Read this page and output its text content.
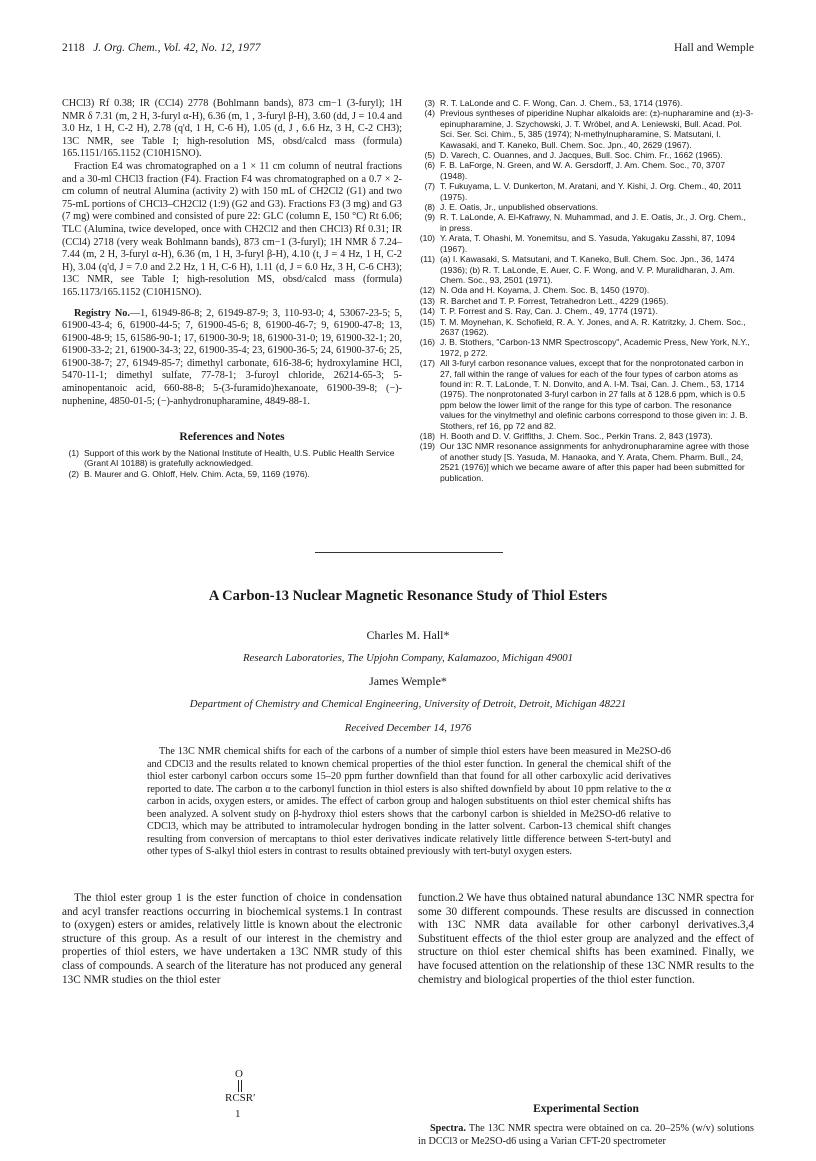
2118 J. Org. Chem., Vol. 42, No. 12, 1977	Hall and Wemple

CHCl3) Rf 0.38; IR (CCl4) 2778 (Bohlmann bands), 873 cm−1 (3-furyl); 1H NMR δ 7.31 (m, 2 H, 3-furyl α-H), 6.36 (m, 1 , 3-furyl β-H), 3.60 (dd, J = 10.4 and 3.0 Hz, 1 H, C-2 H), 2.78 (q'd, 1 H, C-6 H), 1.05 (d, J , 6.6 Hz, 3 H, C-2 CH3); 13C NMR, see Table I; high-resolution MS, obsd/calcd mass (formula) 165.1151/165.1152 (C10H15NO).

Fraction E4 was chromatographed on a 1 × 11 cm column of neutral fractions and a 30-ml CHCl3 fraction (F4). Fraction F4 was chromatographed on a 0.7 × 2-cm column of neutral Alumina (activity 2) with 150 mL of CH2Cl2 (G1) and two 75-mL portions of CHCl3–CH2Cl2 (1:9) (G2 and G3). Fractions F3 (3 mg) and G3 (7 mg) were combined and consisted of pure 22: GLC (column E, 150 °C) Rt 6.06; TLC (Alumina, twice developed, once with CH2Cl2 and then CHCl3) Rf 0.31; IR (CCl4) 2718 (very weak Bohlmann bands), 873 cm−1 (3-furyl); 1H NMR δ 7.24–7.44 (m, 2 H, 3-furyl α-H), 6.36 (m, 1 H, 3-furyl β-H), 4.10 (t, J = 4 Hz, 1 H, C-2 H), 3.04 (q'd, J = 7.0 and 2.2 Hz, 1 H, C-6 H), 1.11 (d, J = 6.0 Hz, 3 H, C-6 CH3); 13C NMR, see Table I; high-resolution MS, obsd/calcd mass (formula) 165.1173/165.1152 (C10H15NO).

Registry No.—1, 61949-86-8; 2, 61949-87-9; 3, 110-93-0; 4, 53067-23-5; 5, 61900-43-4; 6, 61900-44-5; 7, 61900-45-6; 8, 61900-46-7; 9, 61900-47-8; 13, 61900-48-9; 15, 61586-90-1; 17, 61900-30-9; 18, 61900-31-0; 19, 61900-32-1; 20, 61900-33-2; 21, 61900-34-3; 22, 61900-35-4; 23, 61900-36-5; 24, 61900-37-6; 25, 61900-38-7; 27, 61949-85-7; dimethyl carbonate, 616-38-6; hydroxylamine HCl, 5470-11-1; dimethyl sulfate, 77-78-1; 3-furoyl chloride, 26214-65-3; 5-aminopentanoic acid, 660-88-8; 5-(3-furamido)hexanoate, 61900-39-8; (−)-nuphenine, 4850-01-5; (−)-anhydronupharamine, 4849-88-1.

References and Notes
(1) Support of this work by the National Institute of Health, U.S. Public Health Service (Grant AI 10188) is gratefully acknowledged.
(2) B. Maurer and G. Ohloff, Helv. Chim. Acta, 59, 1169 (1976).
(3) R. T. LaLonde and C. F. Wong, Can. J. Chem., 53, 1714 (1976).
(4) Previous syntheses of piperidine Nuphar alkaloids are: (±)-nupharamine and (±)-3-epinupharamine, J. Szychowski, J. T. Wróbel, and A. Leniewski, Bull. Acad. Pol. Sci. Ser. Sci. Chim., 5, 385 (1974); N-methylnupharamine, S. Matsutani, I. Kawasaki, and T. Kaneko, Bull. Chem. Soc. Jpn., 40, 2629 (1967).
(5) D. Varech, C. Ouannes, and J. Jacques, Bull. Soc. Chim. Fr., 1662 (1965).
(6) F. B. LaForge, N. Green, and W. A. Gersdorff, J. Am. Chem. Soc., 70, 3707 (1948).
(7) T. Fukuyama, L. V. Dunkerton, M. Aratani, and Y. Kishi, J. Org. Chem., 40, 2011 (1975).
(8) J. E. Oatis, Jr., unpublished observations.
(9) R. T. LaLonde, A. El-Kafrawy, N. Muhammad, and J. E. Oatis, Jr., J. Org. Chem., in press.
(10) Y. Arata, T. Ohashi, M. Yonemitsu, and S. Yasuda, Yakugaku Zasshi, 87, 1094 (1967).
(11) (a) I. Kawasaki, S. Matsutani, and T. Kaneko, Bull. Chem. Soc. Jpn., 36, 1474 (1936); (b) R. T. LaLonde, E. Auer, C. F. Wong, and V. P. Muralidharan, J. Am. Chem. Soc., 93, 2501 (1971).
(12) N. Oda and H. Koyama, J. Chem. Soc. B, 1450 (1970).
(13) R. Barchet and T. P. Forrest, Tetrahedron Lett., 4229 (1965).
(14) T. P. Forrest and S. Ray, Can. J. Chem., 49, 1774 (1971).
(15) T. M. Moynehan, K. Schofield, R. A. Y. Jones, and A. R. Katritzky, J. Chem. Soc., 2637 (1962).
(16) J. B. Stothers, "Carbon-13 NMR Spectroscopy", Academic Press, New York, N.Y., 1972, p 272.
(17) All 3-furyl carbon resonance values, except that for the nonprotonated carbon in 27, fall within the range of values for each of the four types of carbon atoms as found in: R. T. LaLonde, T. N. Donvito, and A. I-M. Tsai, Can. J. Chem., 53, 1714 (1975). The nonprotonated 3-furyl carbon in 27 falls at δ 128.6 ppm, which is 0.5 ppm below the lower limit of the range for this type of carbon. The resonance values for the vinylmethyl and olefinic carbons correspond to those given in: J. B. Stothers, ref 16, pp 72 and 82.
(18) H. Booth and D. V. Griffiths, J. Chem. Soc., Perkin Trans. 2, 843 (1973).
(19) Our 13C NMR resonance assignments for anhydronupharamine agree with those of another study [S. Yasuda, M. Hanaoka, and Y. Arata, Chem. Pharm. Bull., 24, 2521 (1976)] which we became aware of after this paper had been submitted for publication.
A Carbon-13 Nuclear Magnetic Resonance Study of Thiol Esters
Charles M. Hall*
Research Laboratories, The Upjohn Company, Kalamazoo, Michigan 49001
James Wemple*
Department of Chemistry and Chemical Engineering, University of Detroit, Detroit, Michigan 48221
Received December 14, 1976
The 13C NMR chemical shifts for each of the carbons of a number of simple thiol esters have been measured in Me2SO-d6 and CDCl3 and the results related to known chemical properties of the thiol ester function. In general the chemical shift of the thiol ester carbonyl carbon occurs some 15–20 ppm further downfield than that found for all other carboxylic acid derivatives reported to date. The carbon α to the carbonyl function in thiol esters is also shifted downfield by about 10 ppm relative to the α carbon in acids, oxygen esters, or amides. The effect of carbon group and halogen substituents on thiol ester chemical shifts has been analyzed. A solvent study on β-hydroxy thiol esters shows that the carbonyl carbon is shielded in Me2SO-d6 relative to CDCl3, which may be attributed to intramolecular hydrogen bonding in the latter solvent. Carbon-13 chemical shift changes resulting from conversion of mercaptans to thiol ester derivatives indicate relatively little difference between S-tert-butyl and other types of S-alkyl thiol esters in contrast to results obtained previously with tert-butyl oxygen esters.
The thiol ester group 1 is the ester function of choice in condensation and acyl transfer reactions occurring in biochemical systems.1 In contrast to (oxygen) esters or amides, relatively little is known about the electronic structure of this group. As a result of our interest in the chemistry and properties of thiol esters, we have undertaken a 13C NMR study of this class of compounds. A search of the literature has not produced any general 13C NMR studies on the thiol ester
O
RCSR′
1
function.2 We have thus obtained natural abundance 13C NMR spectra for some 30 different compounds. These results are discussed in connection with 13C NMR data available for other carbonyl derivatives.3,4 Substituent effects of the thiol ester group are analyzed and the effect of structure on thiol ester chemical shifts has been examined. Finally, we have focused attention on the relationship of these 13C NMR results to the chemistry and biological properties of the thiol ester function.
Experimental Section
Spectra. The 13C NMR spectra were obtained on ca. 20–25% (w/v) solutions in DCCl3 or Me2SO-d6 using a Varian CFT-20 spectrometer
